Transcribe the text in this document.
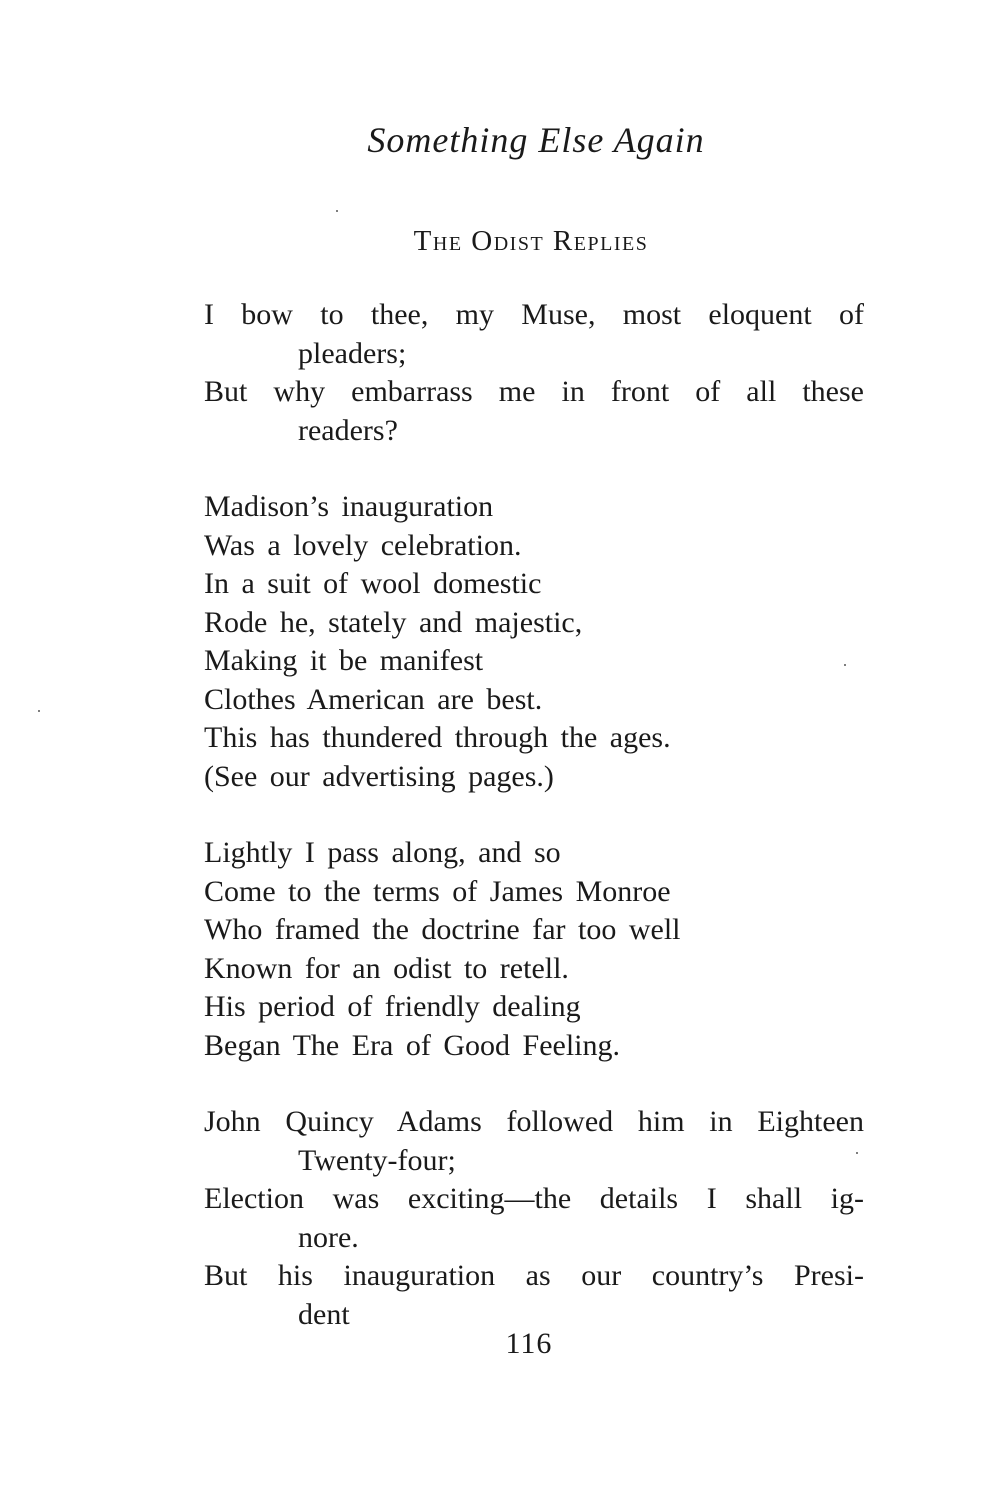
Something Else Again
The Odist Replies
I bow to thee, my Muse, most eloquent of
pleaders;
But why embarrass me in front of all these
readers?
Madison’s inauguration
Was a lovely celebration.
In a suit of wool domestic
Rode he, stately and majestic,
Making it be manifest
Clothes American are best.
This has thundered through the ages.
(See our advertising pages.)
Lightly I pass along, and so
Come to the terms of James Monroe
Who framed the doctrine far too well
Known for an odist to retell.
His period of friendly dealing
Began The Era of Good Feeling.
John Quincy Adams followed him in Eighteen
Twenty-four;
Election was exciting—the details I shall ig-
nore.
But his inauguration as our country’s Presi-
dent
116
